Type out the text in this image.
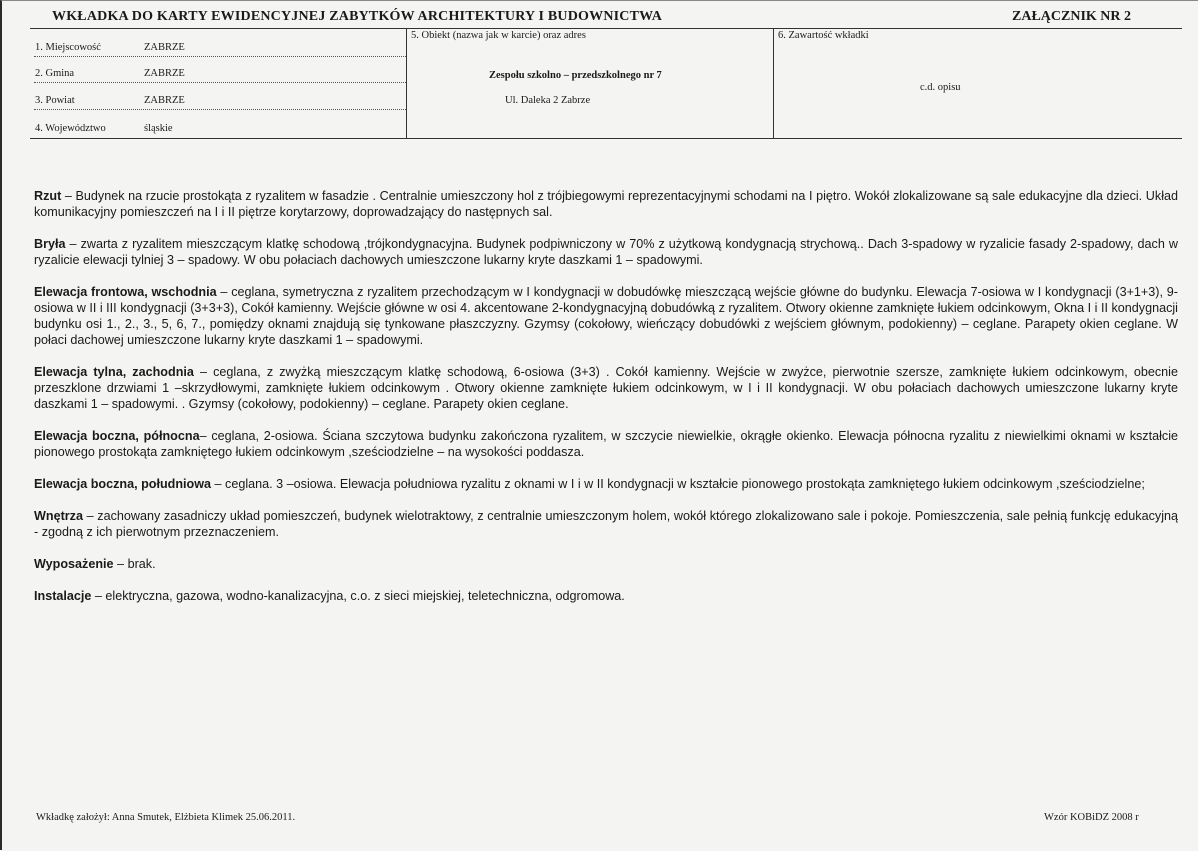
WKŁADKA DO KARTY EWIDENCYJNEJ ZABYTKÓW ARCHITEKTURY I BUDOWNICTWA	ZAŁĄCZNIK NR 2
1. Miejscowość	ZABRZE
2. Gmina	ZABRZE
3. Powiat	ZABRZE
4. Województwo	śląskie
5. Obiekt (nazwa jak w karcie) oraz adres
Zespołu szkolno – przedszkolnego nr 7
Ul. Daleka 2 Zabrze
6. Zawartość wkładki
c.d. opisu

Rzut – Budynek na rzucie prostokąta z ryzalitem w fasadzie . Centralnie umieszczony hol z trójbiegowymi reprezentacyjnymi schodami na I piętro. Wokół zlokalizowane są sale edukacyjne dla dzieci. Układ komunikacyjny pomieszczeń na I i II piętrze korytarzowy, doprowadzający do następnych sal.

Bryła – zwarta z ryzalitem mieszczącym klatkę schodową ,trójkondygnacyjna. Budynek podpiwniczony w 70% z użytkową kondygnacją strychową.. Dach 3-spadowy w ryzalicie fasady 2-spadowy, dach w ryzalicie elewacji tylniej 3 – spadowy. W obu połaciach dachowych umieszczone lukarny kryte daszkami 1 – spadowymi.

Elewacja frontowa, wschodnia – ceglana, symetryczna z ryzalitem przechodzącym w I kondygnacji w dobudówkę mieszczącą wejście główne do budynku. Elewacja 7-osiowa w I kondygnacji (3+1+3), 9-osiowa w II i III kondygnacji (3+3+3), Cokół kamienny. Wejście główne w osi 4. akcentowane 2-kondygnacyjną dobudówką z ryzalitem. Otwory okienne zamknięte łukiem odcinkowym, Okna I i II kondygnacji budynku osi 1., 2., 3., 5, 6, 7., pomiędzy oknami znajdują się tynkowane płaszczyzny. Gzymsy (cokołowy, wieńczący dobudówki z wejściem głównym, podokienny) – ceglane. Parapety okien ceglane. W połaci dachowej umieszczone lukarny kryte daszkami 1 – spadowymi.

Elewacja tylna, zachodnia – ceglana, z zwyżką mieszczącym klatkę schodową, 6-osiowa (3+3) . Cokół kamienny. Wejście w zwyżce, pierwotnie szersze, zamknięte łukiem odcinkowym, obecnie przeszklone drzwiami 1 –skrzydłowymi, zamknięte łukiem odcinkowym . Otwory okienne zamknięte łukiem odcinkowym, w I i II kondygnacji. W obu połaciach dachowych umieszczone lukarny kryte daszkami 1 – spadowymi. . Gzymsy (cokołowy, podokienny) – ceglane. Parapety okien ceglane.

Elewacja boczna, północna– ceglana, 2-osiowa. Ściana szczytowa budynku zakończona ryzalitem, w szczycie niewielkie, okrągłe okienko. Elewacja północna ryzalitu z niewielkimi oknami w kształcie pionowego prostokąta zamkniętego łukiem odcinkowym ,sześciodzielne – na wysokości poddasza.

Elewacja boczna, południowa – ceglana. 3 –osiowa. Elewacja południowa ryzalitu z oknami w I i w II kondygnacji w kształcie pionowego prostokąta zamkniętego łukiem odcinkowym ,sześciodzielne;

Wnętrza – zachowany zasadniczy układ pomieszczeń, budynek wielotraktowy, z centralnie umieszczonym holem, wokół którego zlokalizowano sale i pokoje. Pomieszczenia, sale pełnią funkcję edukacyjną - zgodną z ich pierwotnym przeznaczeniem.

Wyposażenie – brak.

Instalacje – elektryczna, gazowa, wodno-kanalizacyjna, c.o. z sieci miejskiej, teletechniczna, odgromowa.

Wkładkę założył: Anna Smutek, Elżbieta Klimek 25.06.2011.	Wzór KOBiDZ 2008 r
